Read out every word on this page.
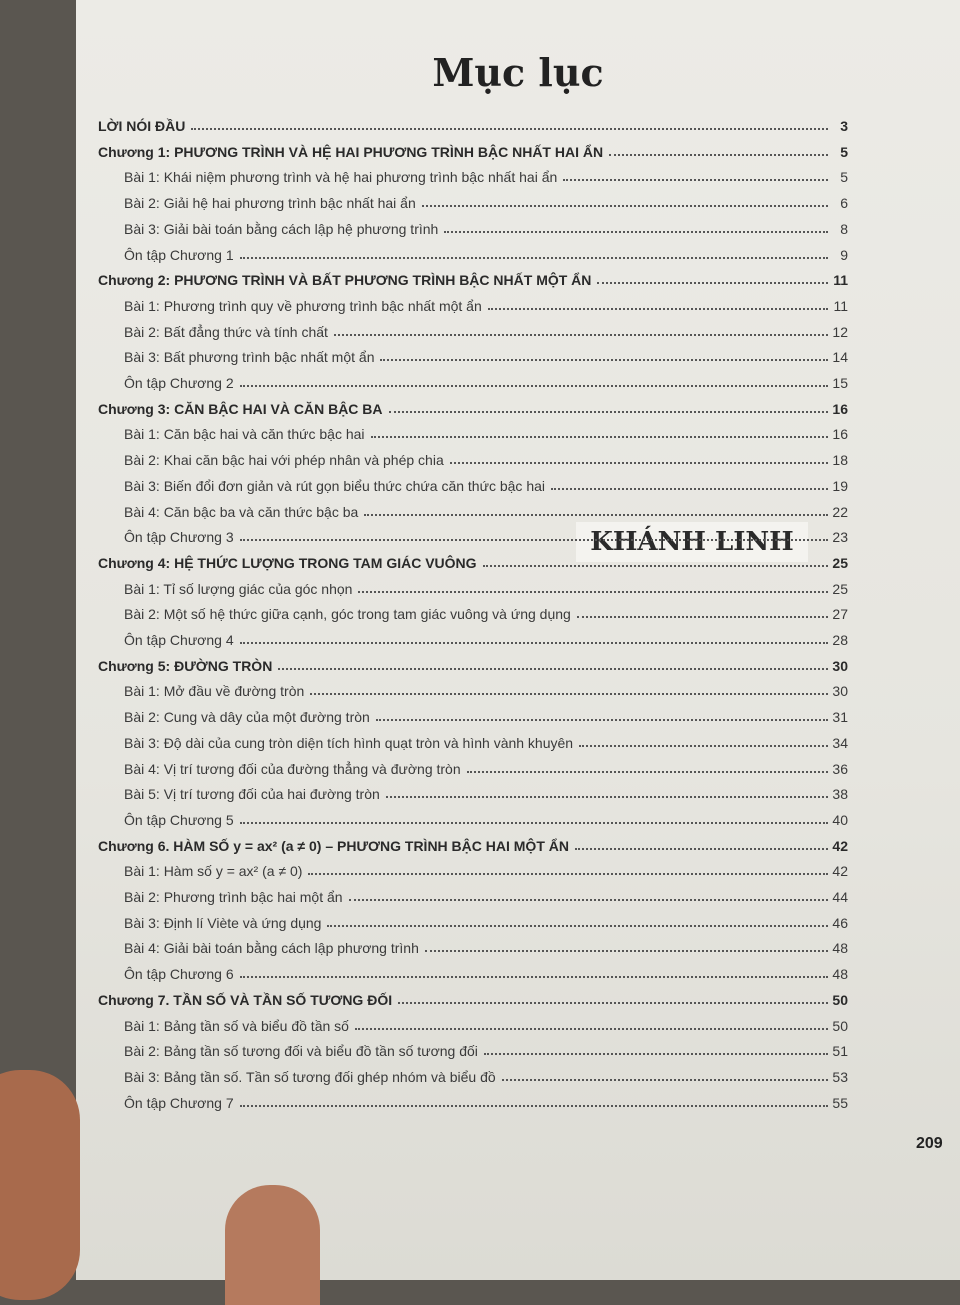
Mục lục
KHÁNH LINH
LỜI NÓI ĐẦU	3
Chương 1: PHƯƠNG TRÌNH VÀ HỆ HAI PHƯƠNG TRÌNH BẬC NHẤT HAI ẨN	5
Bài 1: Khái niệm phương trình và hệ hai phương trình bậc nhất hai ẩn	5
Bài 2: Giải hệ hai phương trình bậc nhất hai ẩn	6
Bài 3: Giải bài toán bằng cách lập hệ phương trình	8
Ôn tập Chương 1	9
Chương 2: PHƯƠNG TRÌNH VÀ BẤT PHƯƠNG TRÌNH BẬC NHẤT MỘT ẨN	11
Bài 1: Phương trình quy về phương trình bậc nhất một ẩn	11
Bài 2: Bất đẳng thức và tính chất	12
Bài 3: Bất phương trình bậc nhất một ẩn	14
Ôn tập Chương 2	15
Chương 3: CĂN BẬC HAI VÀ CĂN BẬC BA	16
Bài 1: Căn bậc hai và căn thức bậc hai	16
Bài 2: Khai căn bậc hai với phép nhân và phép chia	18
Bài 3: Biến đổi đơn giản và rút gọn biểu thức chứa căn thức bậc hai	19
Bài 4: Căn bậc ba và căn thức bậc ba	22
Ôn tập Chương 3	23
Chương 4: HỆ THỨC LƯỢNG TRONG TAM GIÁC VUÔNG	25
Bài 1: Tỉ số lượng giác của góc nhọn	25
Bài 2: Một số hệ thức giữa cạnh, góc trong tam giác vuông và ứng dụng	27
Ôn tập Chương 4	28
Chương 5: ĐƯỜNG TRÒN	30
Bài 1: Mở đầu về đường tròn	30
Bài 2: Cung và dây của một đường tròn	31
Bài 3: Độ dài của cung tròn diện tích hình quạt tròn và hình vành khuyên	34
Bài 4: Vị trí tương đối của đường thẳng và đường tròn	36
Bài 5: Vị trí tương đối của hai đường tròn	38
Ôn tập Chương 5	40
Chương 6. HÀM SỐ y = ax² (a ≠ 0) – PHƯƠNG TRÌNH BẬC HAI MỘT ẨN	42
Bài 1: Hàm số y = ax² (a ≠ 0)	42
Bài 2: Phương trình bậc hai một ẩn	44
Bài 3: Định lí Viète và ứng dụng	46
Bài 4: Giải bài toán bằng cách lập phương trình	48
Ôn tập Chương 6	48
Chương 7. TẦN SỐ VÀ TẦN SỐ TƯƠNG ĐỐI	50
Bài 1: Bảng tần số và biểu đồ tần số	50
Bài 2: Bảng tần số tương đối và biểu đồ tần số tương đối	51
Bài 3: Bảng tần số. Tần số tương đối ghép nhóm và biểu đồ	53
Ôn tập Chương 7	55
209
